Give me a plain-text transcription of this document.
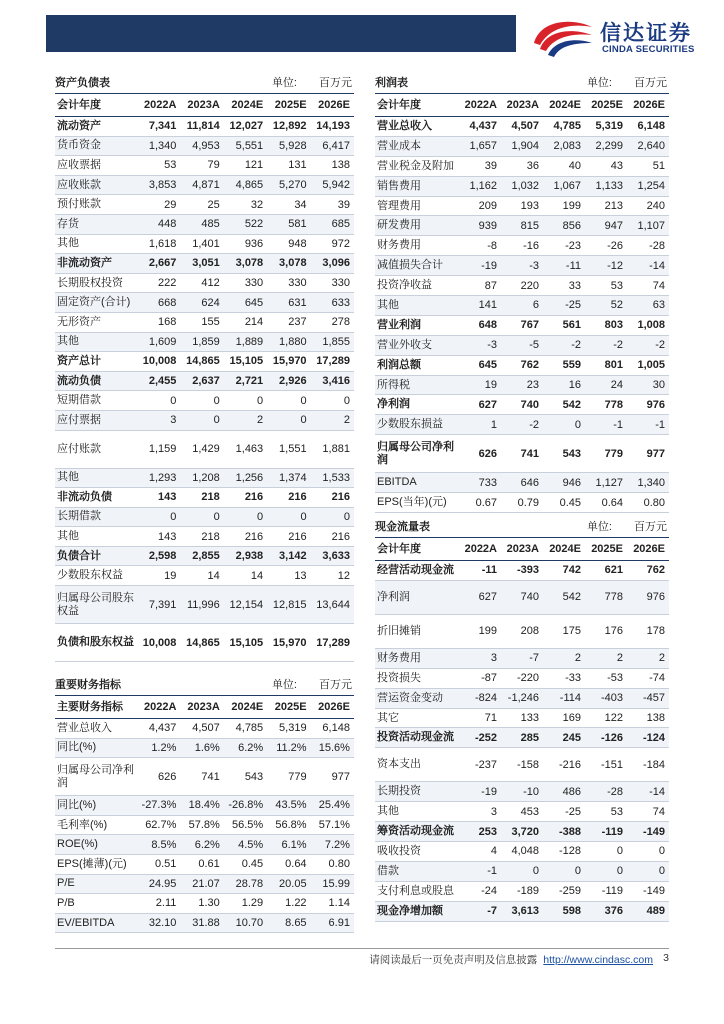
信达证券
CINDA SECURITIES
资产负债表	单位: 百万元
会计年度	2022A 2023A	2024E	2025E	2026E
流动资产	7,341 11,814 12,027 12,892 14,193
货币资金	1,340	4,953	5,551	5,928	6,417
应收票据	53	79	121	131	138
应收账款	3,853	4,871	4,865	5,270	5,942
预付账款	29	25	32	34	39
存货	448	485	522	581	685
其他	1,618	1,401	936	948	972
非流动资产	2,667	3,051	3,078	3,078	3,096
长期股权投资	222	412	330	330	330
固定资产(合计)	668	624	645	631	633
无形资产	168	155	214	237	278
其他	1,609	1,859	1,889	1,880	1,855
资产总计	10,008 14,865 15,105 15,970 17,289
流动负债	2,455	2,637	2,721	2,926	3,416
短期借款	0	0	0	0	0
应付票据	3	0	2	0	2
应付账款	1,159	1,429	1,463	1,551	1,881
其他	1,293	1,208	1,256	1,374	1,533
非流动负债	143	218	216	216	216
长期借款	0	0	0	0	0
其他	143	218	216	216	216
负债合计	2,598	2,855	2,938	3,142	3,633
少数股东权益	19	14	14	13	12
归属母公司股东权益	7,391 11,996 12,154 12,815 13,644
负债和股东权益 10,008 14,865 15,105 15,970 17,289
利润表	单位: 百万元
会计年度	2022A 2023A 2024E 2025E 2026E
营业总收入	4,437	4,507	4,785	5,319	6,148
营业成本	1,657	1,904	2,083	2,299	2,640
营业税金及附加	39	36	40	43	51
销售费用	1,162	1,032	1,067	1,133	1,254
管理费用	209	193	199	213	240
研发费用	939	815	856	947	1,107
财务费用	-8	-16	-23	-26	-28
减值损失合计	-19	-3	-11	-12	-14
投资净收益	87	220	33	53	74
其他	141	6	-25	52	63
营业利润	648	767	561	803	1,008
营业外收支	-3	-5	-2	-2	-2
利润总额	645	762	559	801	1,005
所得税	19	23	16	24	30
净利润	627	740	542	778	976
少数股东损益	1	-2	0	-1	-1
归属母公司净利润	626	741	543	779	977
EBITDA	733	646	946	1,127	1,340
EPS(当年)(元)	0.67	0.79	0.45	0.64	0.80
现金流量表	单位: 百万元
会计年度	2022A 2023A 2024E 2025E 2026E
经营活动现金流	-11	-393	742	621	762
净利润	627	740	542	778	976
折旧摊销	199	208	175	176	178
财务费用	3	-7	2	2	2
投资损失	-87	-220	-33	-53	-74
营运资金变动	-824 -1,246	-114	-403	-457
其它	71	133	169	122	138
投资活动现金流	-252	285	245	-126	-124
资本支出	-237	-158	-216	-151	-184
长期投资	-19	-10	486	-28	-14
其他	3	453	-25	53	74
筹资活动现金流	253	3,720	-388	-119	-149
吸收投资	4	4,048	-128	0	0
借款	-1	0	0	0	0
支付利息或股息	-24	-189	-259	-119	-149
现金净增加额	-7	3,613	598	376	489
重要财务指标	单位: 百万元
主要财务指标	2022A 2023A	2024E	2025E	2026E
营业总收入	4,437	4,507	4,785	5,319	6,148
同比(%)	1.2%	1.6%	6.2%	11.2%	15.6%
归属母公司净利润	626	741	543	779	977
同比(%)	-27.3%	18.4% -26.8%	43.5%	25.4%
毛利率(%)	62.7%	57.8%	56.5%	56.8%	57.1%
ROE(%)	8.5%	6.2%	4.5%	6.1%	7.2%
EPS(摊薄)(元)	0.51	0.61	0.45	0.64	0.80
P/E	24.95	21.07	28.78	20.05	15.99
P/B	2.11	1.30	1.29	1.22	1.14
EV/EBITDA	32.10	31.88	10.70	8.65	6.91
请阅读最后一页免责声明及信息披露 http://www.cindasc.com 3
